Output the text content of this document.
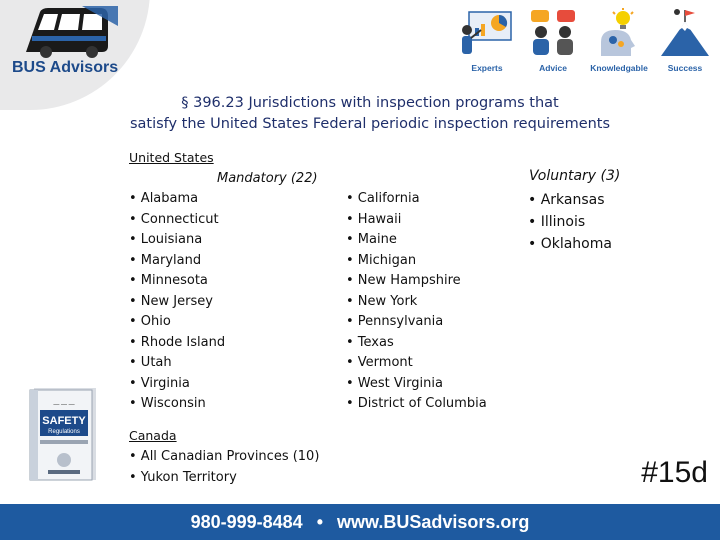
BUS Advisors	Experts	Advice	Knowledgable	Success
§ 396.23 Jurisdictions with inspection programs that
satisfy the United States Federal periodic inspection requirements
United States
Mandatory (22)	Voluntary (3)
• Alabama
• Connecticut
• Louisiana
• Maryland
• Minnesota
• New Jersey
• Ohio
• Rhode Island
• Utah
• Virginia
• Wisconsin
• California
• Hawaii
• Maine
• Michigan
• New Hampshire
• New York
• Pennsylvania
• Texas
• Vermont
• West Virginia
• District of Columbia
• Arkansas
• Illinois
• Oklahoma
— — —
SAFETY
Regulations	Canada
• All Canadian Provinces (10)
• Yukon Territory	#15d
980-999-8484 • www.BUSadvisors.org
